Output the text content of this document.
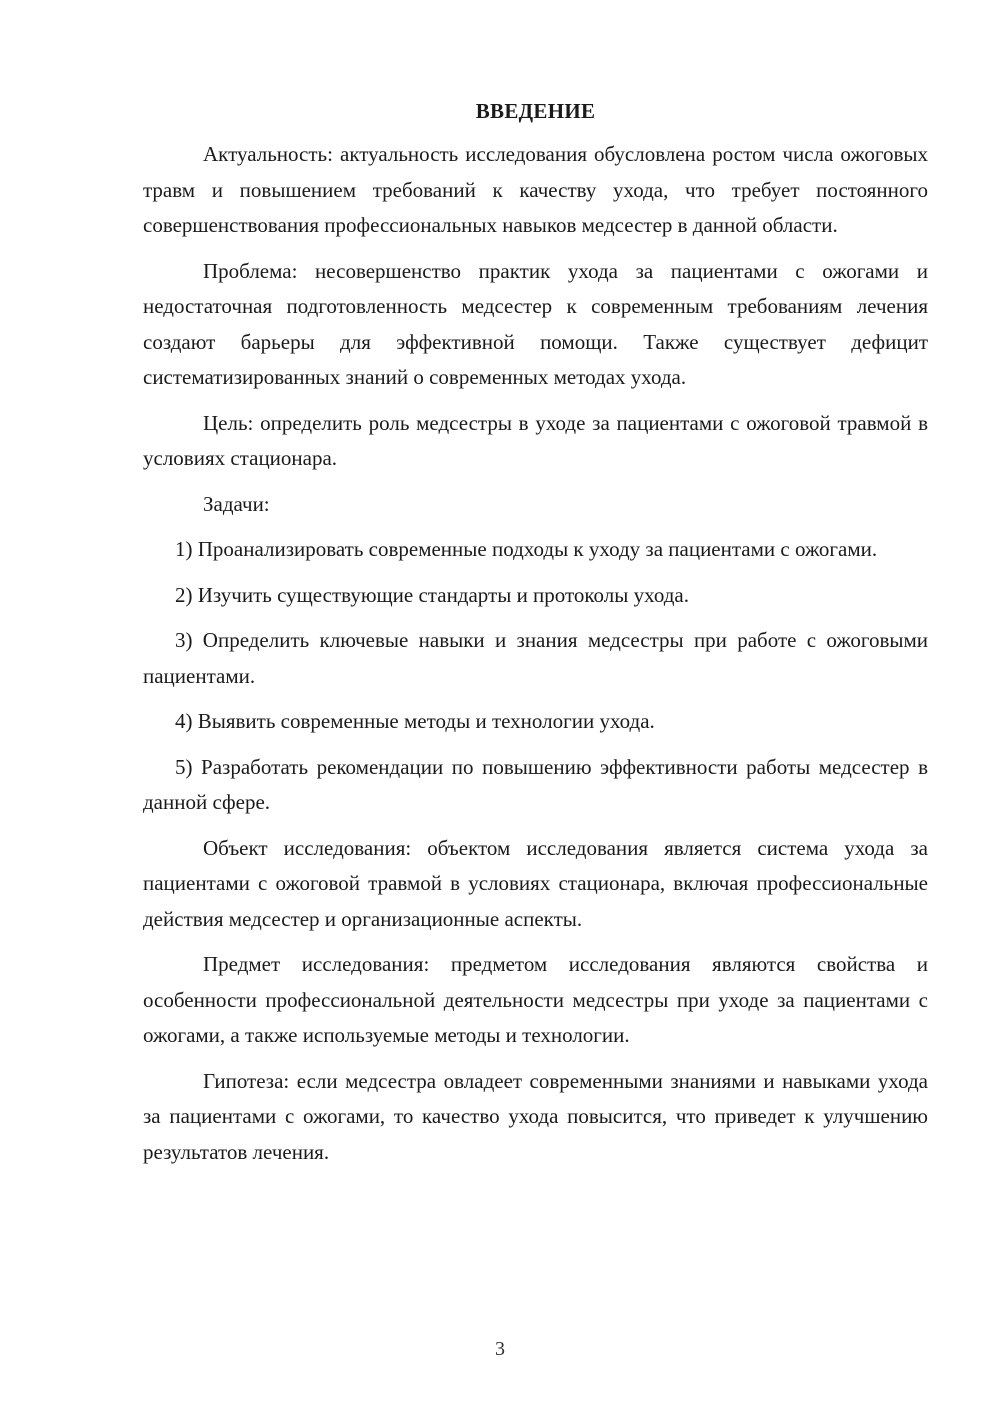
ВВЕДЕНИЕ

Актуальность: актуальность исследования обусловлена ростом числа ожоговых травм и повышением требований к качеству ухода, что требует постоянного совершенствования профессиональных навыков медсестер в данной области.

Проблема: несовершенство практик ухода за пациентами с ожогами и недостаточная подготовленность медсестер к современным требованиям лечения создают барьеры для эффективной помощи. Также существует дефицит систематизированных знаний о современных методах ухода.

Цель: определить роль медсестры в уходе за пациентами с ожоговой травмой в условиях стационара.

Задачи:

1) Проанализировать современные подходы к уходу за пациентами с ожогами.

2) Изучить существующие стандарты и протоколы ухода.

3) Определить ключевые навыки и знания медсестры при работе с ожоговыми пациентами.

4) Выявить современные методы и технологии ухода.

5) Разработать рекомендации по повышению эффективности работы медсестер в данной сфере.

Объект исследования: объектом исследования является система ухода за пациентами с ожоговой травмой в условиях стационара, включая профессиональные действия медсестер и организационные аспекты.

Предмет исследования: предметом исследования являются свойства и особенности профессиональной деятельности медсестры при уходе за пациентами с ожогами, а также используемые методы и технологии.

Гипотеза: если медсестра овладеет современными знаниями и навыками ухода за пациентами с ожогами, то качество ухода повысится, что приведет к улучшению результатов лечения.

3
